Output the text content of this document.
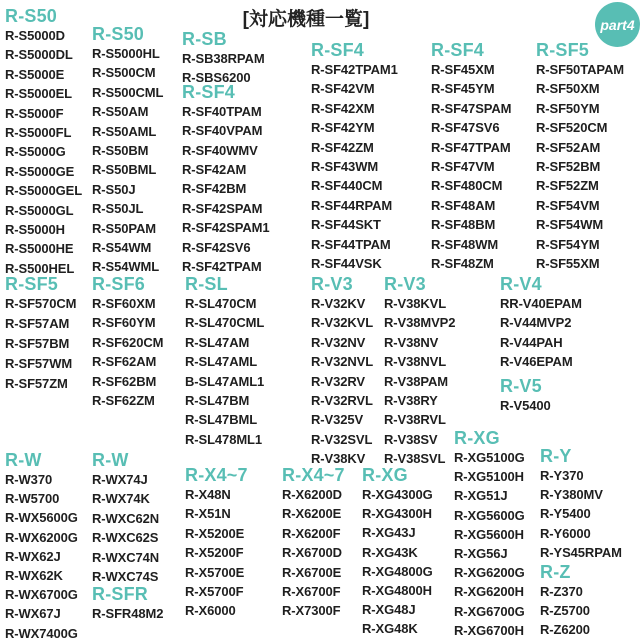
[対応機種一覧]	part4
R-S50
R-S5000D
R-S5000DL
R-S5000E
R-S5000EL
R-S5000F
R-S5000FL
R-S5000G
R-S5000GE
R-S5000GEL
R-S5000GL
R-S5000H
R-S5000HE
R-S500HEL
R-S50
R-S5000HL
R-S500CM
R-S500CML
R-S50AM
R-S50AML
R-S50BM
R-S50BML
R-S50J
R-S50JL
R-S50PAM
R-S54WM
R-S54WML
R-SB
R-SB38RPAM
R-SBS6200
R-SF4
R-SF40TPAM
R-SF40VPAM
R-SF40WMV
R-SF42AM
R-SF42BM
R-SF42SPAM
R-SF42SPAM1
R-SF42SV6
R-SF42TPAM
R-SF4
R-SF42TPAM1
R-SF42VM
R-SF42XM
R-SF42YM
R-SF42ZM
R-SF43WM
R-SF440CM
R-SF44RPAM
R-SF44SKT
R-SF44TPAM
R-SF44VSK
R-SF4
R-SF45XM
R-SF45YM
R-SF47SPAM
R-SF47SV6
R-SF47TPAM
R-SF47VM
R-SF480CM
R-SF48AM
R-SF48BM
R-SF48WM
R-SF48ZM
R-SF5
R-SF50TAPAM
R-SF50XM
R-SF50YM
R-SF520CM
R-SF52AM
R-SF52BM
R-SF52ZM
R-SF54VM
R-SF54WM
R-SF54YM
R-SF55XM
R-SF5
R-SF570CM
R-SF57AM
R-SF57BM
R-SF57WM
R-SF57ZM
R-SF6
R-SF60XM
R-SF60YM
R-SF620CM
R-SF62AM
R-SF62BM
R-SF62ZM
R-SL
R-SL470CM
R-SL470CML
R-SL47AM
R-SL47AML
B-SL47AML1
R-SL47BM
R-SL47BML
R-SL478ML1
R-V3
R-V32KV
R-V32KVL
R-V32NV
R-V32NVL
R-V32RV
R-V32RVL
R-V325V
R-V32SVL
R-V38KV
R-V3
R-V38KVL
R-V38MVP2
R-V38NV
R-V38NVL
R-V38PAM
R-V38RY
R-V38RVL
R-V38SV
R-V38SVL
R-V4
RR-V40EPAM
R-V44MVP2
R-V44PAH
R-V46EPAM
R-V5
R-V5400
R-W
R-W370
R-W5700
R-WX5600G
R-WX6200G
R-WX62J
R-WX62K
R-WX6700G
R-WX67J
R-WX7400G
R-W
R-WX74J
R-WX74K
R-WXC62N
R-WXC62S
R-WXC74N
R-WXC74S
R-SFR
R-SFR48M2
R-X4~7
R-X48N
R-X51N
R-X5200E
R-X5200F
R-X5700E
R-X5700F
R-X6000
R-X4~7
R-X6200D
R-X6200E
R-X6200F
R-X6700D
R-X6700E
R-X6700F
R-X7300F
R-XG
R-XG4300G
R-XG4300H
R-XG43J
R-XG43K
R-XG4800G
R-XG4800H
R-XG48J
R-XG48K
R-XG
R-XG5100G
R-XG5100H
R-XG51J
R-XG5600G
R-XG5600H
R-XG56J
R-XG6200G
R-XG6200H
R-XG6700G
R-XG6700H
R-Y
R-Y370
R-Y380MV
R-Y5400
R-Y6000
R-YS45RPAM
R-Z
R-Z370
R-Z5700
R-Z6200
